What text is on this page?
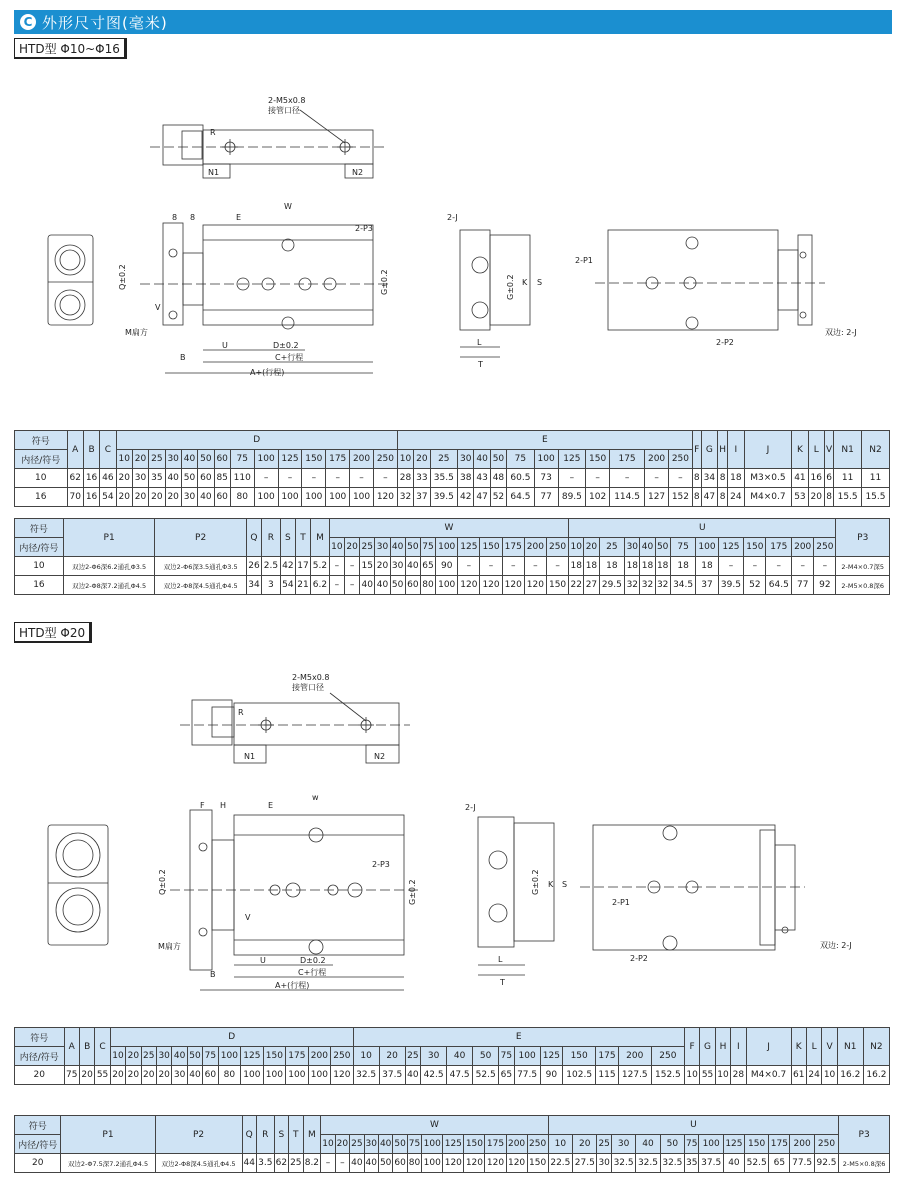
C 外形尺寸图(毫米)
HTD型 Φ10~Φ16
HTD型 Φ20
2-M5x0.8
接管口径
N1	N2
R
8 8	E
W
2-P3
Q±0.2	G±0.2
V
M扁方
U	D±0.2
C+行程
A+(行程)
B
2-J
G±0.2 K S
L
T
2-P1
2-P2
双边: 2-J
符号	A	B	C	D														E													F	G	H	I	J	K	L	V	N1	N2
内径/符号				10	20	25	30	40	50	60	75	100	125	150	175	200	250	10	20	25	30	40	50	75	100	125	150	175	200	250										
10	62	16	46	20	30	35	40	50	60	85	110	–	–	–	–	–	–	28	33	35.5	38	43	48	60.5	73	–	–	–	–	–	8	34	8	18	M3×0.5	41	16	6	11	11
16	70	16	54	20	20	20	20	30	40	60	80	100	100	100	100	100	120	32	37	39.5	42	47	52	64.5	77	89.5	102	114.5	127	152	8	47	8	24	M4×0.7	53	20	8	15.5	15.5
符号	P1	P2	Q	R	S	T	M	W													U													P3
内径/符号								10	20	25	30	40	50	75	100	125	150	175	200	250	10	20	25	30	40	50	75	100	125	150	175	200	250	
10	双边2-Φ6深6.2通孔Φ3.5	双边2-Φ6深3.5通孔Φ3.5	26	2.5	42	17	5.2	–	–	15	20	30	40	65	90	–	–	–	–	–	18	18	18	18	18	18	18	18	–	–	–	–	–	2-M4×0.7深5
16	双边2-Φ8深7.2通孔Φ4.5	双边2-Φ8深4.5通孔Φ4.5	34	3	54	21	6.2	–	–	40	40	50	60	80	100	120	120	120	120	150	22	27	29.5	32	32	32	34.5	37	39.5	52	64.5	77	92	2-M5×0.8深6
2-M5x0.8
接管口径
N1	N2
R
F H	E
w
2-P3
Q±0.2	G±0.2
V
M扁方
U	D±0.2
C+行程
A+(行程)
B
2-J
G±0.2 K S
L
T
2-P1
2-P2
双边: 2-J
符号	A	B	C	D													E													F	G	H	I	J	K	L	V	N1	N2
内径/符号				10	20	25	30	40	50	75	100	125	150	175	200	250	10	20	25	30	40	50	75	100	125	150	175	200	250										
20	75	20	55	20	20	20	20	30	40	60	80	100	100	100	100	120	32.5	37.5	40	42.5	47.5	52.5	65	77.5	90	102.5	115	127.5	152.5	10	55	10	28	M4×0.7	61	24	10	16.2	16.2
符号	P1	P2	Q	R	S	T	M	W													U													P3
内径/符号								10	20	25	30	40	50	75	100	125	150	175	200	250	10	20	25	30	40	50	75	100	125	150	175	200	250	
20	双边2-Φ7.5深7.2通孔Φ4.5	双边2-Φ8深4.5通孔Φ4.5	44	3.5	62	25	8.2	–	–	40	40	50	60	80	100	120	120	120	120	150	22.5	27.5	30	32.5	32.5	32.5	35	37.5	40	52.5	65	77.5	92.5	2-M5×0.8深6
